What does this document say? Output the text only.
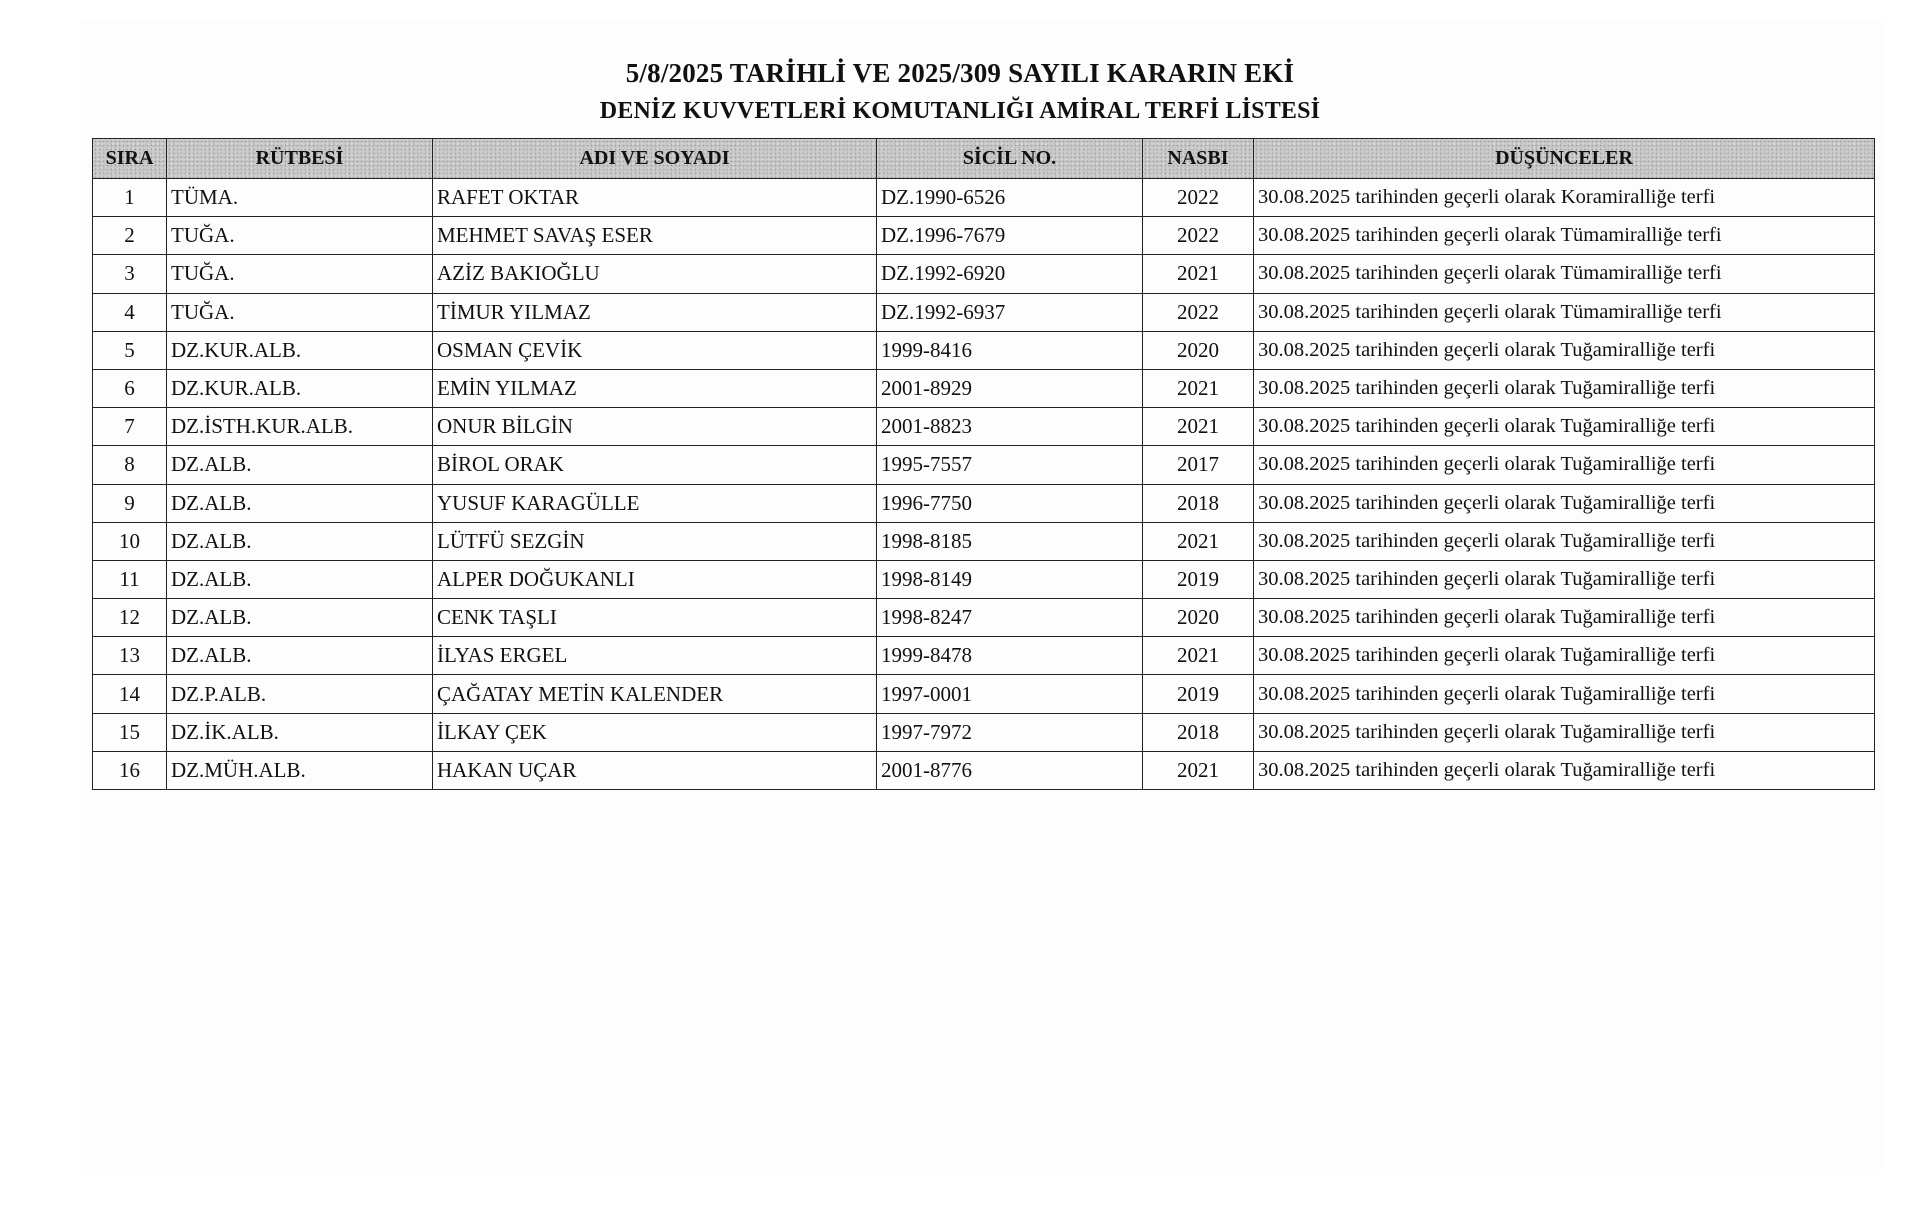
5/8/2025 TARİHLİ VE 2025/309 SAYILI KARARIN EKİ
DENİZ KUVVETLERİ KOMUTANLIĞI AMİRAL TERFİ LİSTESİ
SIRA	RÜTBESİ	ADI VE SOYADI	SİCİL NO.	NASBI	DÜŞÜNCELER
1	TÜMA.	RAFET OKTAR	DZ.1990-6526	2022	30.08.2025 tarihinden geçerli olarak Koramiralliğe terfi
2	TUĞA.	MEHMET SAVAŞ ESER	DZ.1996-7679	2022	30.08.2025 tarihinden geçerli olarak Tümamiralliğe terfi
3	TUĞA.	AZİZ BAKIOĞLU	DZ.1992-6920	2021	30.08.2025 tarihinden geçerli olarak Tümamiralliğe terfi
4	TUĞA.	TİMUR YILMAZ	DZ.1992-6937	2022	30.08.2025 tarihinden geçerli olarak Tümamiralliğe terfi
5	DZ.KUR.ALB.	OSMAN ÇEVİK	1999-8416	2020	30.08.2025 tarihinden geçerli olarak Tuğamiralliğe terfi
6	DZ.KUR.ALB.	EMİN YILMAZ	2001-8929	2021	30.08.2025 tarihinden geçerli olarak Tuğamiralliğe terfi
7	DZ.İSTH.KUR.ALB.	ONUR BİLGİN	2001-8823	2021	30.08.2025 tarihinden geçerli olarak Tuğamiralliğe terfi
8	DZ.ALB.	BİROL ORAK	1995-7557	2017	30.08.2025 tarihinden geçerli olarak Tuğamiralliğe terfi
9	DZ.ALB.	YUSUF KARAGÜLLE	1996-7750	2018	30.08.2025 tarihinden geçerli olarak Tuğamiralliğe terfi
10	DZ.ALB.	LÜTFÜ SEZGİN	1998-8185	2021	30.08.2025 tarihinden geçerli olarak Tuğamiralliğe terfi
11	DZ.ALB.	ALPER DOĞUKANLI	1998-8149	2019	30.08.2025 tarihinden geçerli olarak Tuğamiralliğe terfi
12	DZ.ALB.	CENK TAŞLI	1998-8247	2020	30.08.2025 tarihinden geçerli olarak Tuğamiralliğe terfi
13	DZ.ALB.	İLYAS ERGEL	1999-8478	2021	30.08.2025 tarihinden geçerli olarak Tuğamiralliğe terfi
14	DZ.P.ALB.	ÇAĞATAY METİN KALENDER	1997-0001	2019	30.08.2025 tarihinden geçerli olarak Tuğamiralliğe terfi
15	DZ.İK.ALB.	İLKAY ÇEK	1997-7972	2018	30.08.2025 tarihinden geçerli olarak Tuğamiralliğe terfi
16	DZ.MÜH.ALB.	HAKAN UÇAR	2001-8776	2021	30.08.2025 tarihinden geçerli olarak Tuğamiralliğe terfi
